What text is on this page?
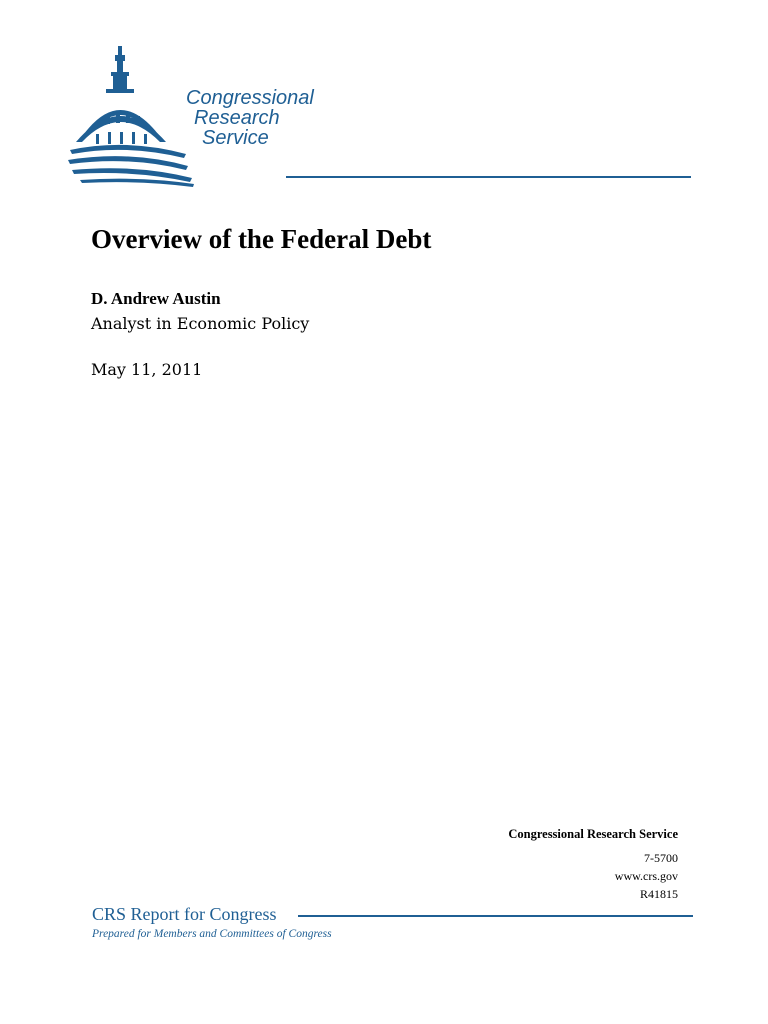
Congressional
Research
Service
Overview of the Federal Debt
D. Andrew Austin
Analyst in Economic Policy
May 11, 2011
Congressional Research Service
7-5700
www.crs.gov
R41815
CRS Report for Congress
Prepared for Members and Committees of Congress
